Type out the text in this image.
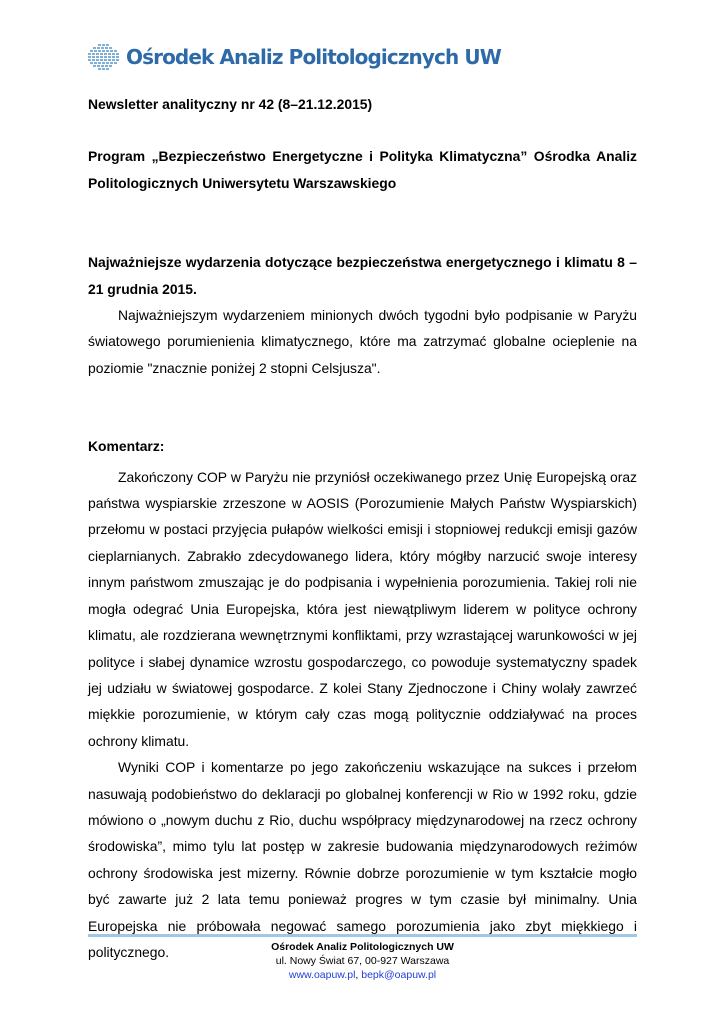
Ośrodek Analiz Politologicznych UW

Newsletter analityczny nr 42 (8–21.12.2015)

Program „Bezpieczeństwo Energetyczne i Polityka Klimatyczna” Ośrodka Analiz Politologicznych Uniwersytetu Warszawskiego

Najważniejsze wydarzenia dotyczące bezpieczeństwa energetycznego i klimatu 8 – 21 grudnia 2015.

Najważniejszym wydarzeniem minionych dwóch tygodni było podpisanie w Paryżu światowego porumienienia klimatycznego, które ma zatrzymać globalne ocieplenie na poziomie "znacznie poniżej 2 stopni Celsjusza".

Komentarz:

Zakończony COP w Paryżu nie przyniósł oczekiwanego przez Unię Europejską oraz państwa wyspiarskie zrzeszone w AOSIS (Porozumienie Małych Państw Wyspiarskich) przełomu w postaci przyjęcia pułapów wielkości emisji i stopniowej redukcji emisji gazów cieplarnianych. Zabrakło zdecydowanego lidera, który mógłby narzucić swoje interesy innym państwom zmuszając je do podpisania i wypełnienia porozumienia. Takiej roli nie mogła odegrać Unia Europejska, która jest niewątpliwym liderem w polityce ochrony klimatu, ale rozdzierana wewnętrznymi konfliktami, przy wzrastającej warunkowości w jej polityce i słabej dynamice wzrostu gospodarczego, co powoduje systematyczny spadek jej udziału w światowej gospodarce. Z kolei Stany Zjednoczone i Chiny wolały zawrzeć miękkie porozumienie, w którym cały czas mogą politycznie oddziaływać na proces ochrony klimatu.

Wyniki COP i komentarze po jego zakończeniu wskazujące na sukces i przełom nasuwają podobieństwo do deklaracji po globalnej konferencji w Rio w 1992 roku, gdzie mówiono o „nowym duchu z Rio, duchu współpracy międzynarodowej na rzecz ochrony środowiska”, mimo tylu lat postęp w zakresie budowania międzynarodowych reżimów ochrony środowiska jest mizerny. Równie dobrze porozumienie w tym kształcie mogło być zawarte już 2 lata temu ponieważ progres w tym czasie był minimalny. Unia Europejska nie próbowała negować samego porozumienia jako zbyt miękkiego i politycznego.	Ośrodek Analiz Politologicznych UW
ul. Nowy Świat 67, 00-927 Warszawa
www.oapuw.pl, bepk@oapuw.pl
